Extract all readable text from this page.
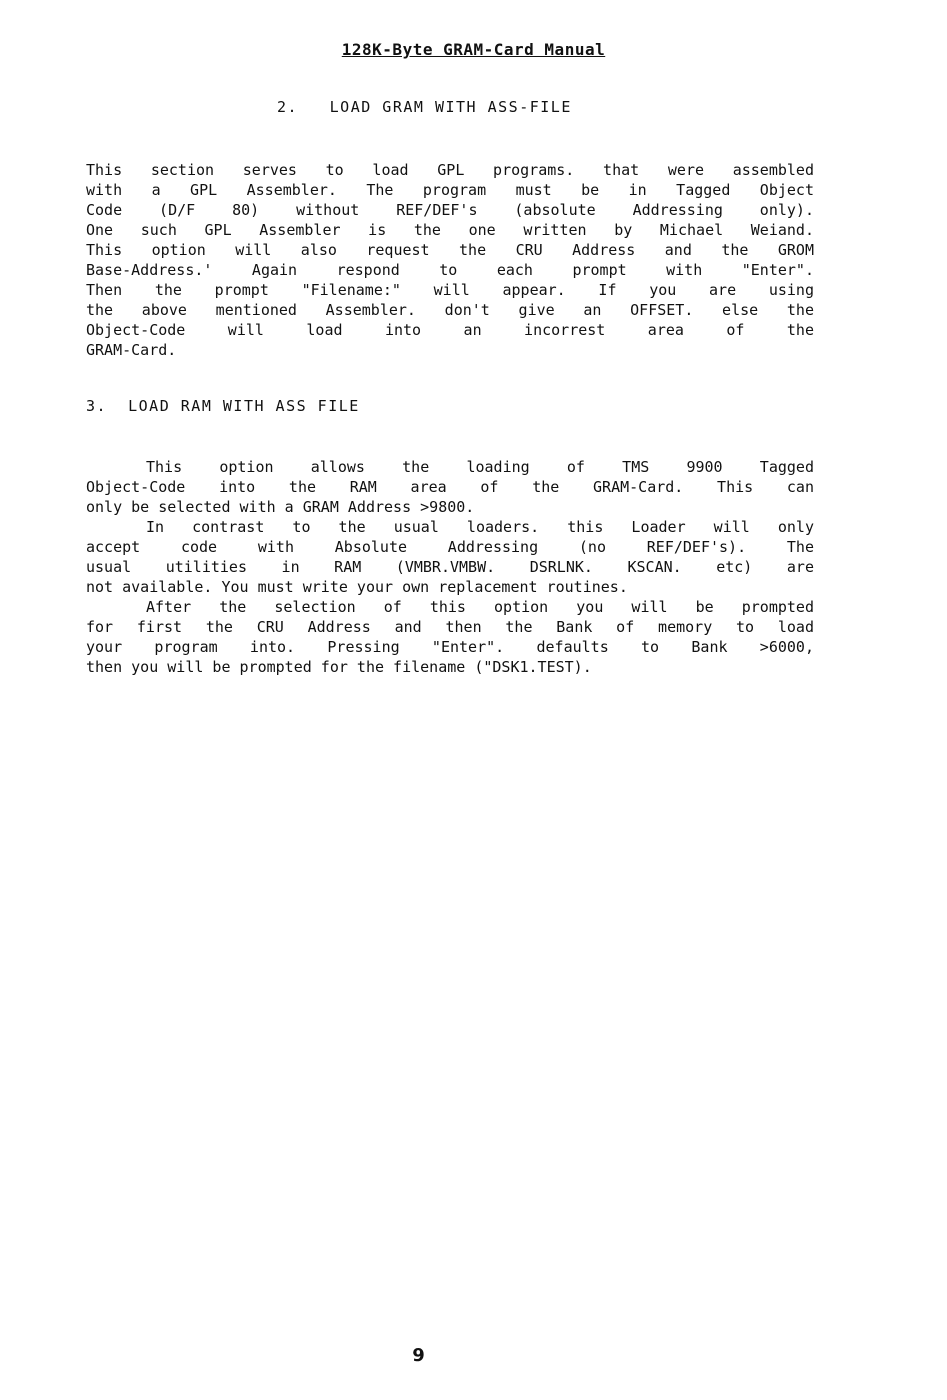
128K-Byte GRAM-Card Manual
2.   LOAD GRAM WITH ASS-FILE
This section serves to load GPL programs. that were assembled
with a GPL Assembler. The program must be in Tagged Object
Code (D/F 80) without REF/DEF's (absolute Addressing only).
One such GPL Assembler is the one written by Michael Weiand.
This option will also request the CRU Address and the GROM
Base-Address.' Again respond to each prompt with "Enter".
Then the prompt "Filename:" will appear. If you are using
the above mentioned Assembler. don't give an OFFSET. else the
Object-Code will load into an incorrest area of the
GRAM-Card.
3.  LOAD RAM WITH ASS FILE
This option allows the loading of TMS 9900 Tagged
Object-Code into the RAM area of the GRAM-Card. This can
only be selected with a GRAM Address >9800.
In contrast to the usual loaders. this Loader will only
accept code with Absolute Addressing (no REF/DEF's). The
usual utilities in RAM (VMBR.VMBW. DSRLNK. KSCAN. etc) are
not available. You must write your own replacement routines.
After the selection of this option you will be prompted
for first the CRU Address and then the Bank of memory to load
your program into. Pressing "Enter". defaults to Bank >6000,
then you will be prompted for the filename ("DSK1.TEST).
9
